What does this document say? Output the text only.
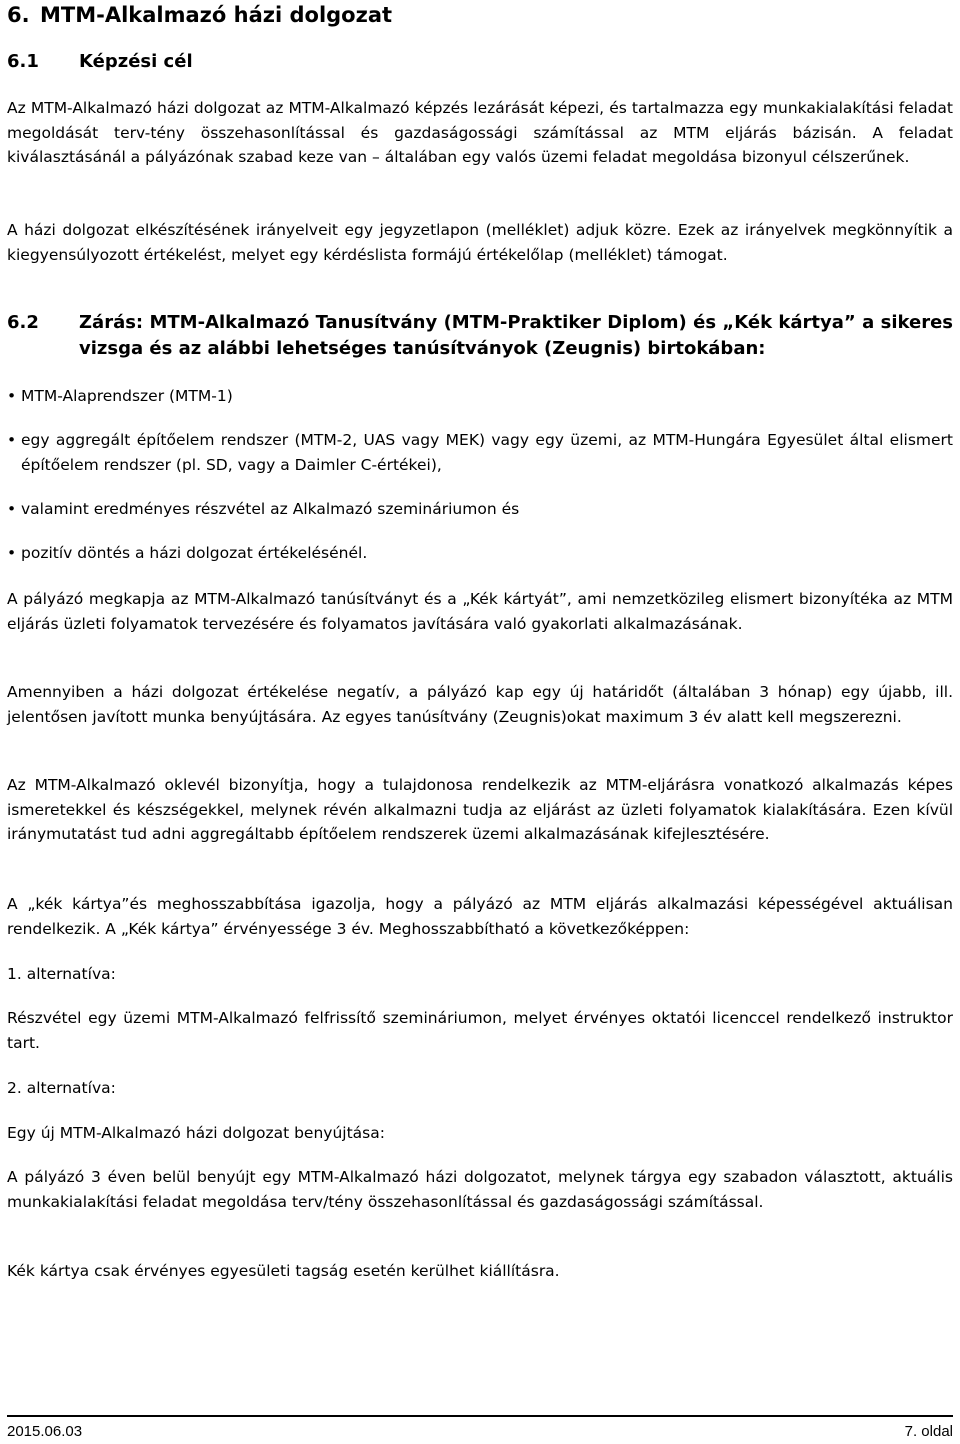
6. MTM-Alkalmazó házi dolgozat
6.1 Képzési cél
Az MTM-Alkalmazó házi dolgozat az MTM-Alkalmazó képzés lezárását képezi, és tartalmazza egy munkakialakítási feladat megoldását terv-tény összehasonlítással és gazdaságossági számítással az MTM eljárás bázisán. A feladat kiválasztásánál a pályázónak szabad keze van – általában egy valós üzemi feladat megoldása bizonyul célszerűnek.
A házi dolgozat elkészítésének irányelveit egy jegyzetlapon (melléklet) adjuk közre. Ezek az irányelvek megkönnyítik a kiegyensúlyozott értékelést, melyet egy kérdéslista formájú értékelőlap (melléklet) támogat.
6.2 Zárás: MTM-Alkalmazó Tanusítvány (MTM-Praktiker Diplom) és „Kék kártya” a sikeres vizsga és az alábbi lehetséges tanúsítványok (Zeugnis) birtokában:
• MTM-Alaprendszer (MTM-1)
• egy aggregált építőelem rendszer (MTM-2, UAS vagy MEK) vagy egy üzemi, az MTM-Hungára Egyesület által elismert építőelem rendszer (pl. SD, vagy a Daimler C-értékei),
• valamint eredményes részvétel az Alkalmazó szemináriumon és
• pozitív döntés a házi dolgozat értékelésénél.
A pályázó megkapja az MTM-Alkalmazó tanúsítványt és a „Kék kártyát”, ami nemzetközileg elismert bizonyítéka az MTM eljárás üzleti folyamatok tervezésére és folyamatos javítására való gyakorlati alkalmazásának.
Amennyiben a házi dolgozat értékelése negatív, a pályázó kap egy új határidőt (általában 3 hónap) egy újabb, ill. jelentősen javított munka benyújtására. Az egyes tanúsítvány (Zeugnis)okat maximum 3 év alatt kell megszerezni.
Az MTM-Alkalmazó oklevél bizonyítja, hogy a tulajdonosa rendelkezik az MTM-eljárásra vonatkozó alkalmazás képes ismeretekkel és készségekkel, melynek révén alkalmazni tudja az eljárást az üzleti folyamatok kialakítására. Ezen kívül iránymutatást tud adni aggregáltabb építőelem rendszerek üzemi alkalmazásának kifejlesztésére.
A „kék kártya”és meghosszabbítása igazolja, hogy a pályázó az MTM eljárás alkalmazási képességével aktuálisan rendelkezik. A „Kék kártya” érvényessége 3 év. Meghosszabbítható a következőképpen:
1. alternatíva:
Részvétel egy üzemi MTM-Alkalmazó felfrissítő szemináriumon, melyet érvényes oktatói licenccel rendelkező instruktor tart.
2. alternatíva:
Egy új MTM-Alkalmazó házi dolgozat benyújtása:
A pályázó 3 éven belül benyújt egy MTM-Alkalmazó házi dolgozatot, melynek tárgya egy szabadon választott, aktuális munkakialakítási feladat megoldása terv/tény összehasonlítással és gazdaságossági számítással.
Kék kártya csak érvényes egyesületi tagság esetén kerülhet kiállításra.
2015.06.03	7. oldal
